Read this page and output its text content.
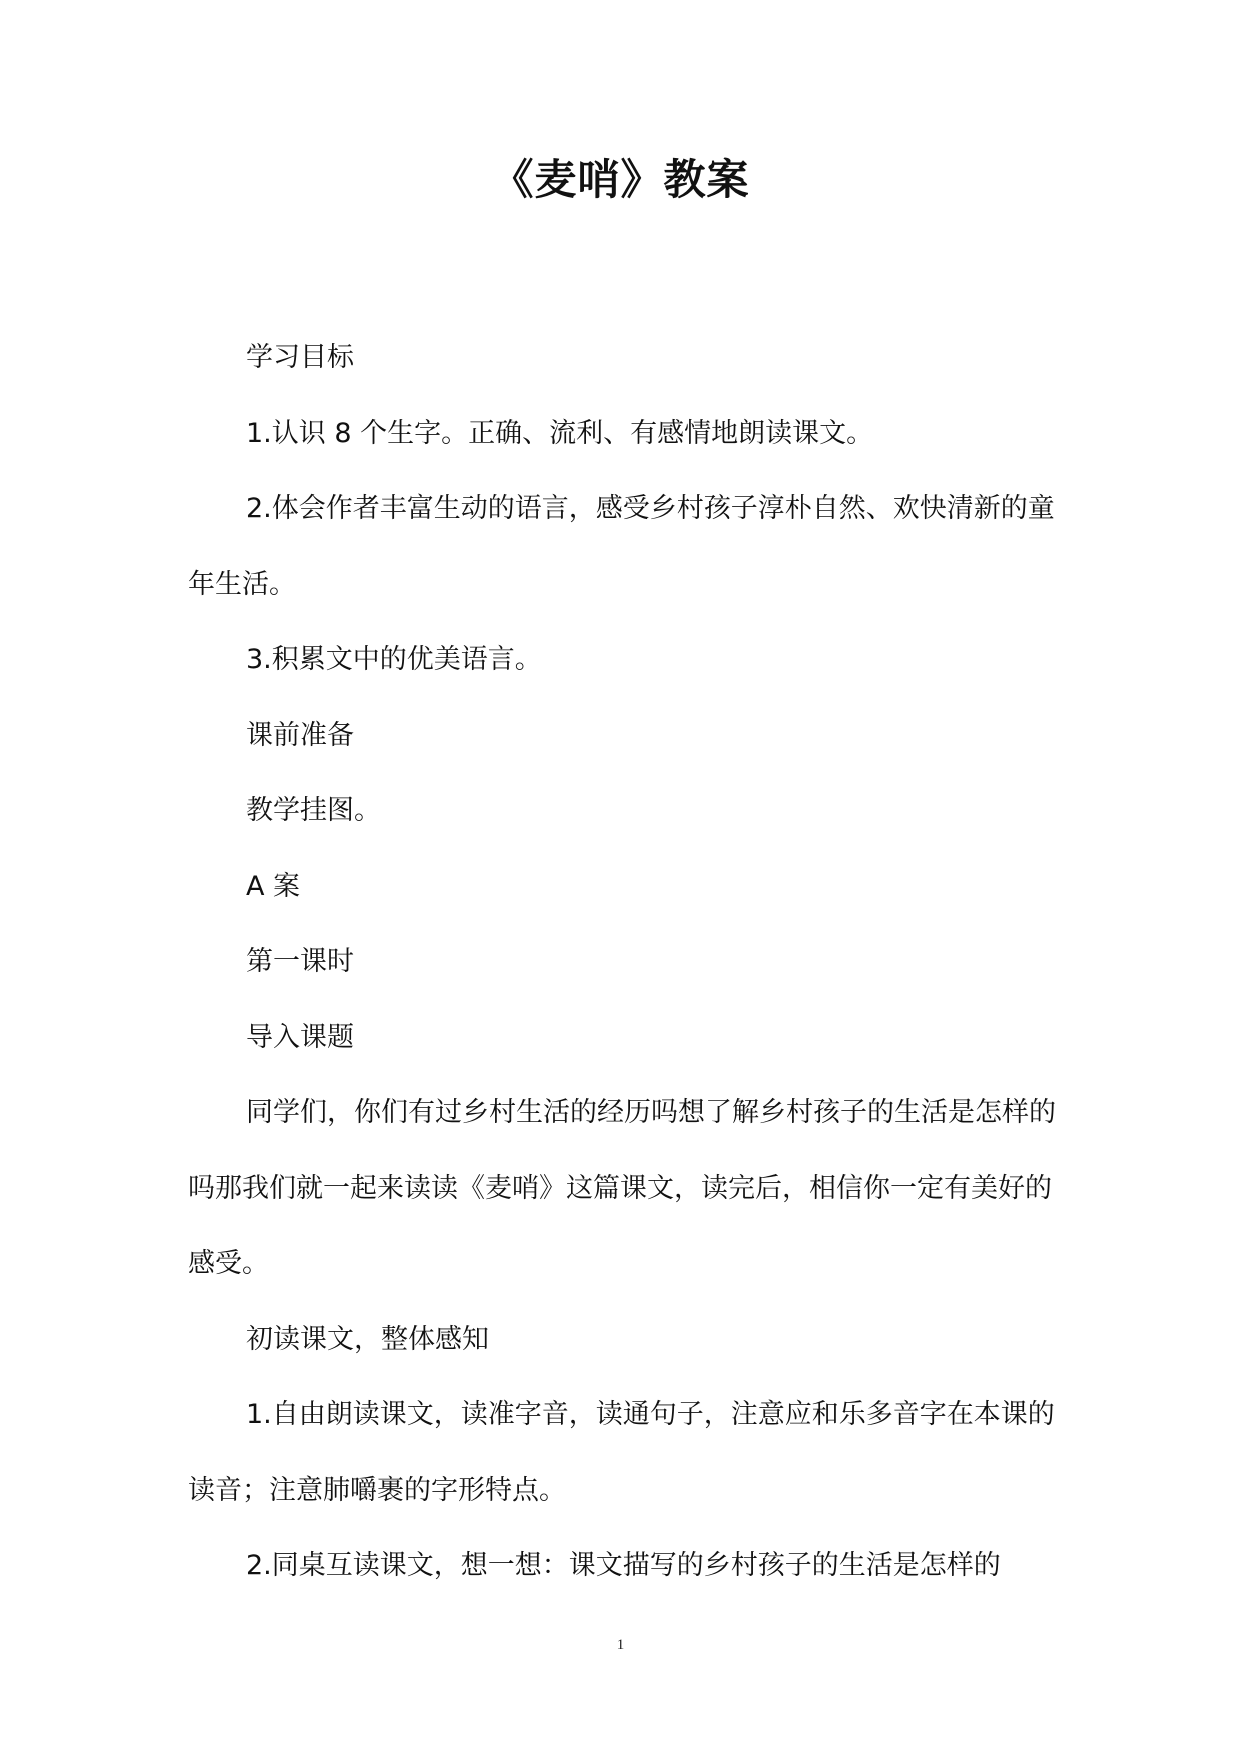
《麦哨》教案

学习目标

1.认识 8 个生字。正确、流利、有感情地朗读课文。

2.体会作者丰富生动的语言，感受乡村孩子淳朴自然、欢快清新的童年生活。

3.积累文中的优美语言。

课前准备

教学挂图。

A 案

第一课时

导入课题

同学们，你们有过乡村生活的经历吗想了解乡村孩子的生活是怎样的吗那我们就一起来读读《麦哨》这篇课文，读完后，相信你一定有美好的感受。

初读课文，整体感知

1.自由朗读课文，读准字音，读通句子，注意应和乐多音字在本课的读音；注意肺嚼裹的字形特点。

2.同桌互读课文，想一想：课文描写的乡村孩子的生活是怎样的

1
